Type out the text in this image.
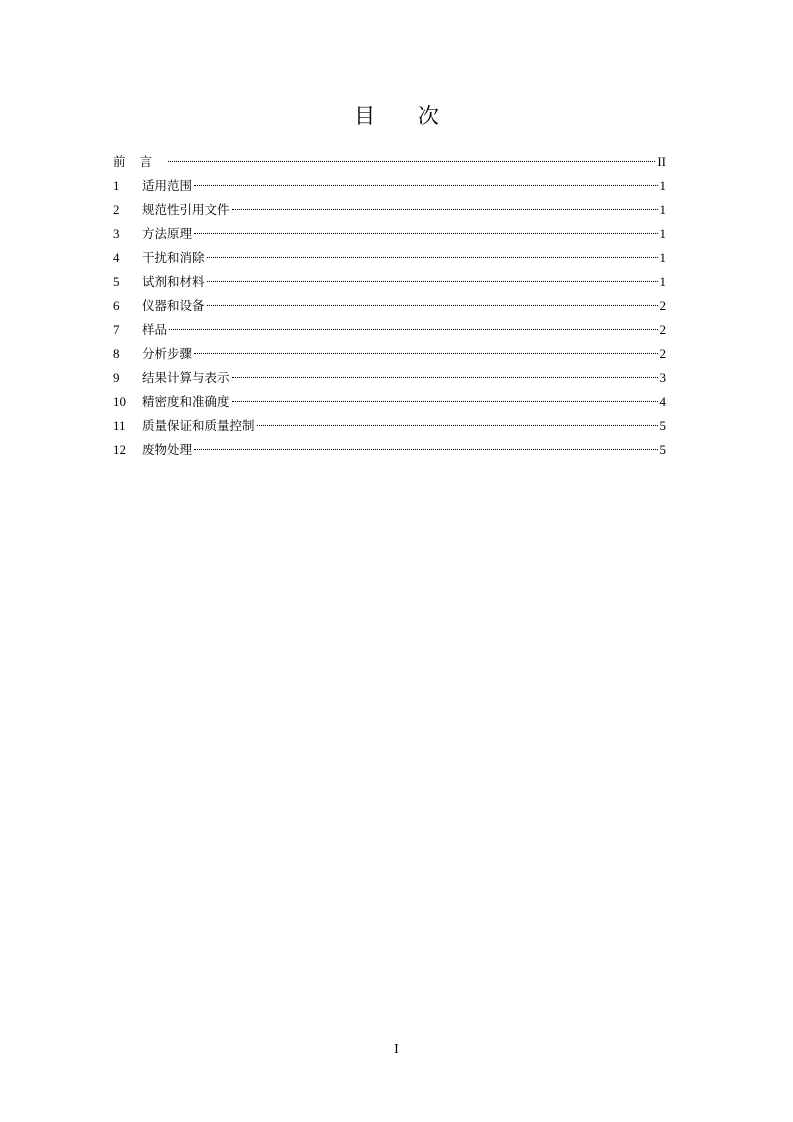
目 次
前言	II
1	适用范围	1
2	规范性引用文件	1
3	方法原理	1
4	干扰和消除	1
5	试剂和材料	1
6	仪器和设备	2
7	样品	2
8	分析步骤	2
9	结果计算与表示	3
10	精密度和准确度	4
11	质量保证和质量控制	5
12	废物处理	5
I
